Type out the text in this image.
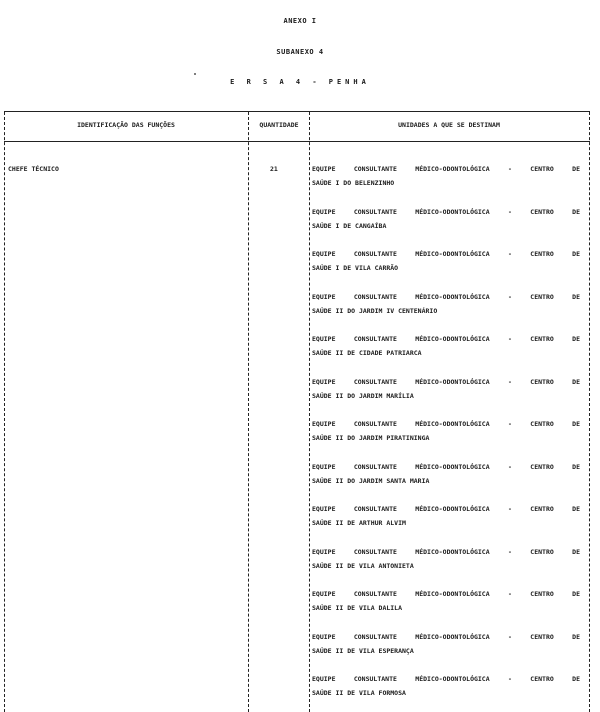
ANEXO I
SUBANEXO 4
E R S A 4 - PENHA
IDENTIFICAÇÃO DAS FUNÇÕES	QUANTIDADE	UNIDADES A QUE SE DESTINAM
CHEFE TÉCNICO	21	EQUIPE CONSULTANTE MÉDICO-ODONTOLÓGICA - CENTRO DE
SAÚDE I DO BELENZINHO
EQUIPE CONSULTANTE MÉDICO-ODONTOLÓGICA - CENTRO DE
SAÚDE I DE CANGAÍBA
EQUIPE CONSULTANTE MÉDICO-ODONTOLÓGICA - CENTRO DE
SAÚDE I DE VILA CARRÃO
EQUIPE CONSULTANTE MÉDICO-ODONTOLÓGICA - CENTRO DE
SAÚDE II DO JARDIM IV CENTENÁRIO
EQUIPE CONSULTANTE MÉDICO-ODONTOLÓGICA - CENTRO DE
SAÚDE II DE CIDADE PATRIARCA
EQUIPE CONSULTANTE MÉDICO-ODONTOLÓGICA - CENTRO DE
SAÚDE II DO JARDIM MARÍLIA
EQUIPE CONSULTANTE MÉDICO-ODONTOLÓGICA - CENTRO DE
SAÚDE II DO JARDIM PIRATININGA
EQUIPE CONSULTANTE MÉDICO-ODONTOLÓGICA - CENTRO DE
SAÚDE II DO JARDIM SANTA MARIA
EQUIPE CONSULTANTE MÉDICO-ODONTOLÓGICA - CENTRO DE
SAÚDE II DE ARTHUR ALVIM
EQUIPE CONSULTANTE MÉDICO-ODONTOLÓGICA - CENTRO DE
SAÚDE II DE VILA ANTONIETA
EQUIPE CONSULTANTE MÉDICO-ODONTOLÓGICA - CENTRO DE
SAÚDE II DE VILA DALILA
EQUIPE CONSULTANTE MÉDICO-ODONTOLÓGICA - CENTRO DE
SAÚDE II DE VILA ESPERANÇA
EQUIPE CONSULTANTE MÉDICO-ODONTOLÓGICA - CENTRO DE
SAÚDE II DE VILA FORMOSA
